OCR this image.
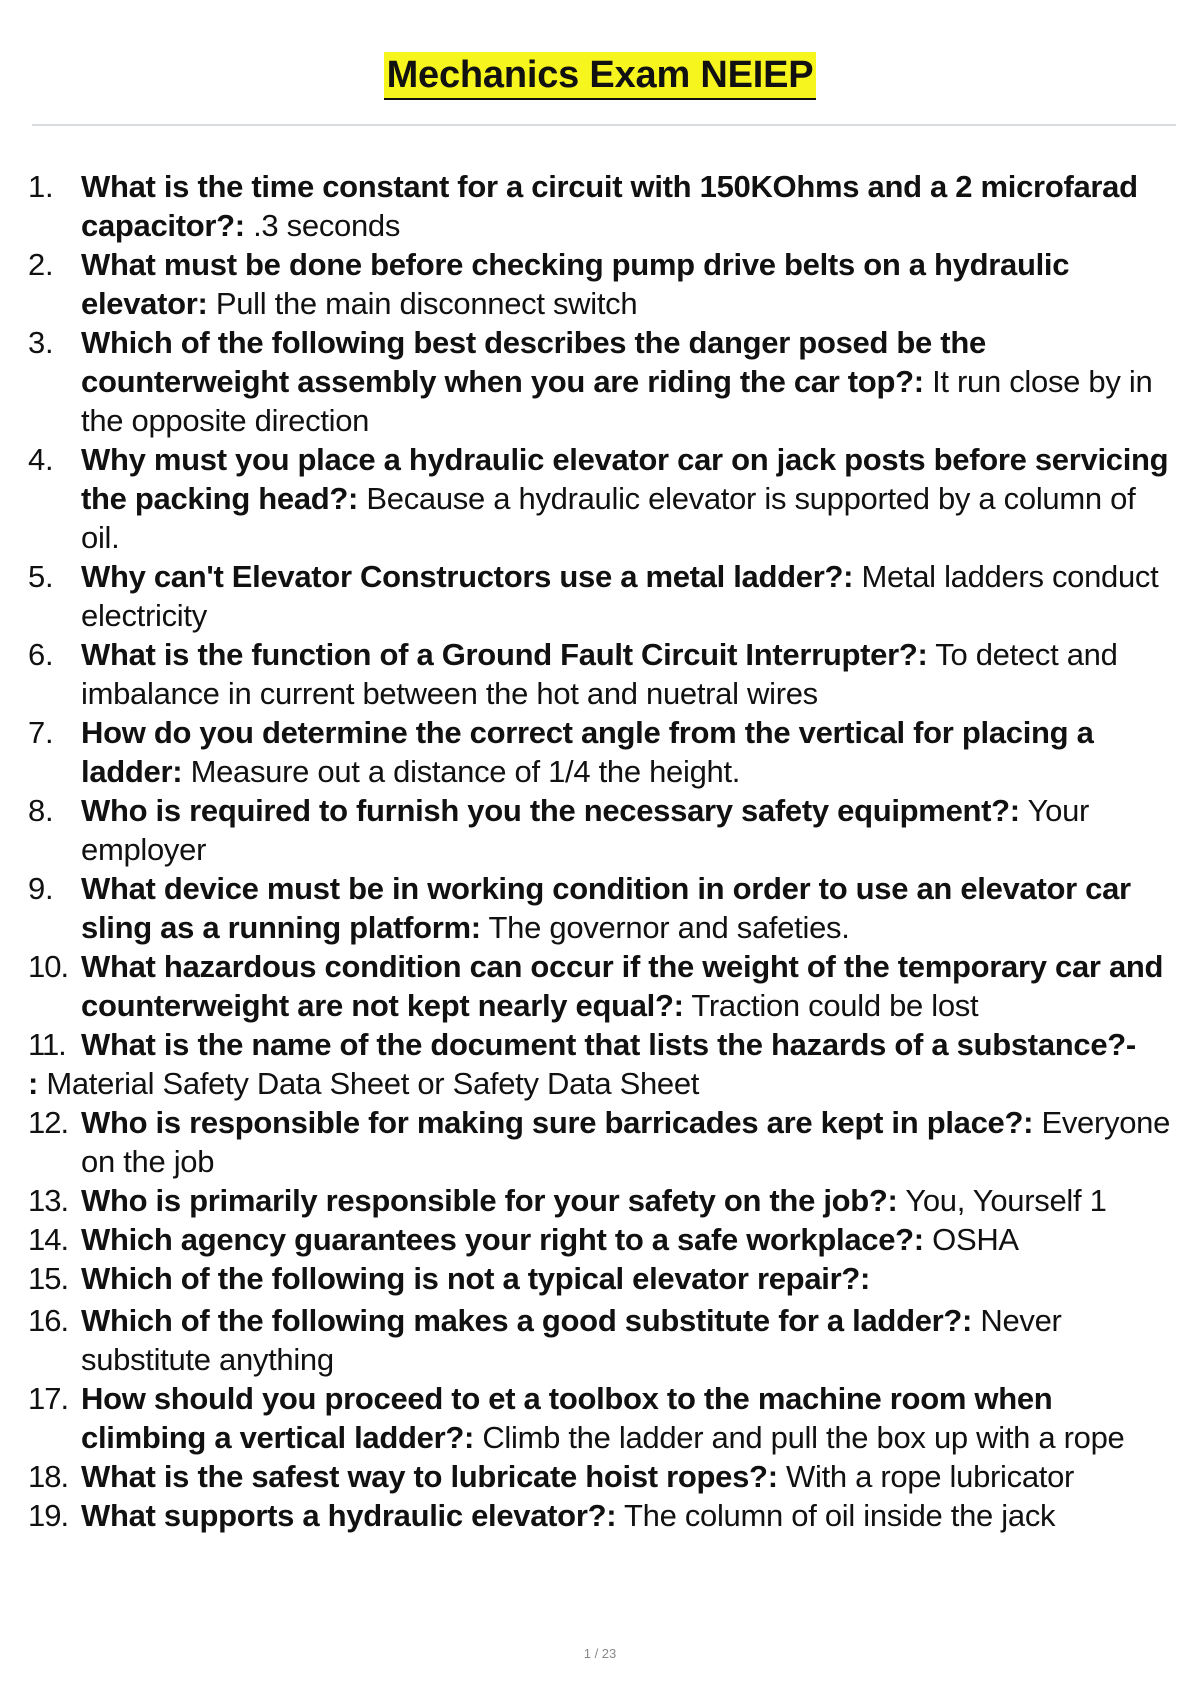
Mechanics Exam NEIEP
1. What is the time constant for a circuit with 150KOhms and a 2 microfarad capacitor?: .3 seconds
2. What must be done before checking pump drive belts on a hydraulic elevator: Pull the main disconnect switch
3. Which of the following best describes the danger posed be the counterweight assembly when you are riding the car top?: It run close by in the opposite direction
4. Why must you place a hydraulic elevator car on jack posts before servicing the packing head?: Because a hydraulic elevator is supported by a column of oil.
5. Why can't Elevator Constructors use a metal ladder?: Metal ladders conduct electricity
6. What is the function of a Ground Fault Circuit Interrupter?: To detect and imbalance in current between the hot and nuetral wires
7. How do you determine the correct angle from the vertical for placing a ladder: Measure out a distance of 1/4 the height.
8. Who is required to furnish you the necessary safety equipment?: Your employer
9. What device must be in working condition in order to use an elevator car sling as a running platform: The governor and safeties.
10. What hazardous condition can occur if the weight of the temporary car and counterweight are not kept nearly equal?: Traction could be lost
11. What is the name of the document that lists the hazards of a substance?-
: Material Safety Data Sheet or Safety Data Sheet
12. Who is responsible for making sure barricades are kept in place?: Everyone on the job
13. Who is primarily responsible for your safety on the job?: You, Yourself 1
14. Which agency guarantees your right to a safe workplace?: OSHA
15. Which of the following is not a typical elevator repair?:
16. Which of the following makes a good substitute for a ladder?: Never substitute anything
17. How should you proceed to et a toolbox to the machine room when climbing a vertical ladder?: Climb the ladder and pull the box up with a rope
18. What is the safest way to lubricate hoist ropes?: With a rope lubricator
19. What supports a hydraulic elevator?: The column of oil inside the jack
1 / 23
